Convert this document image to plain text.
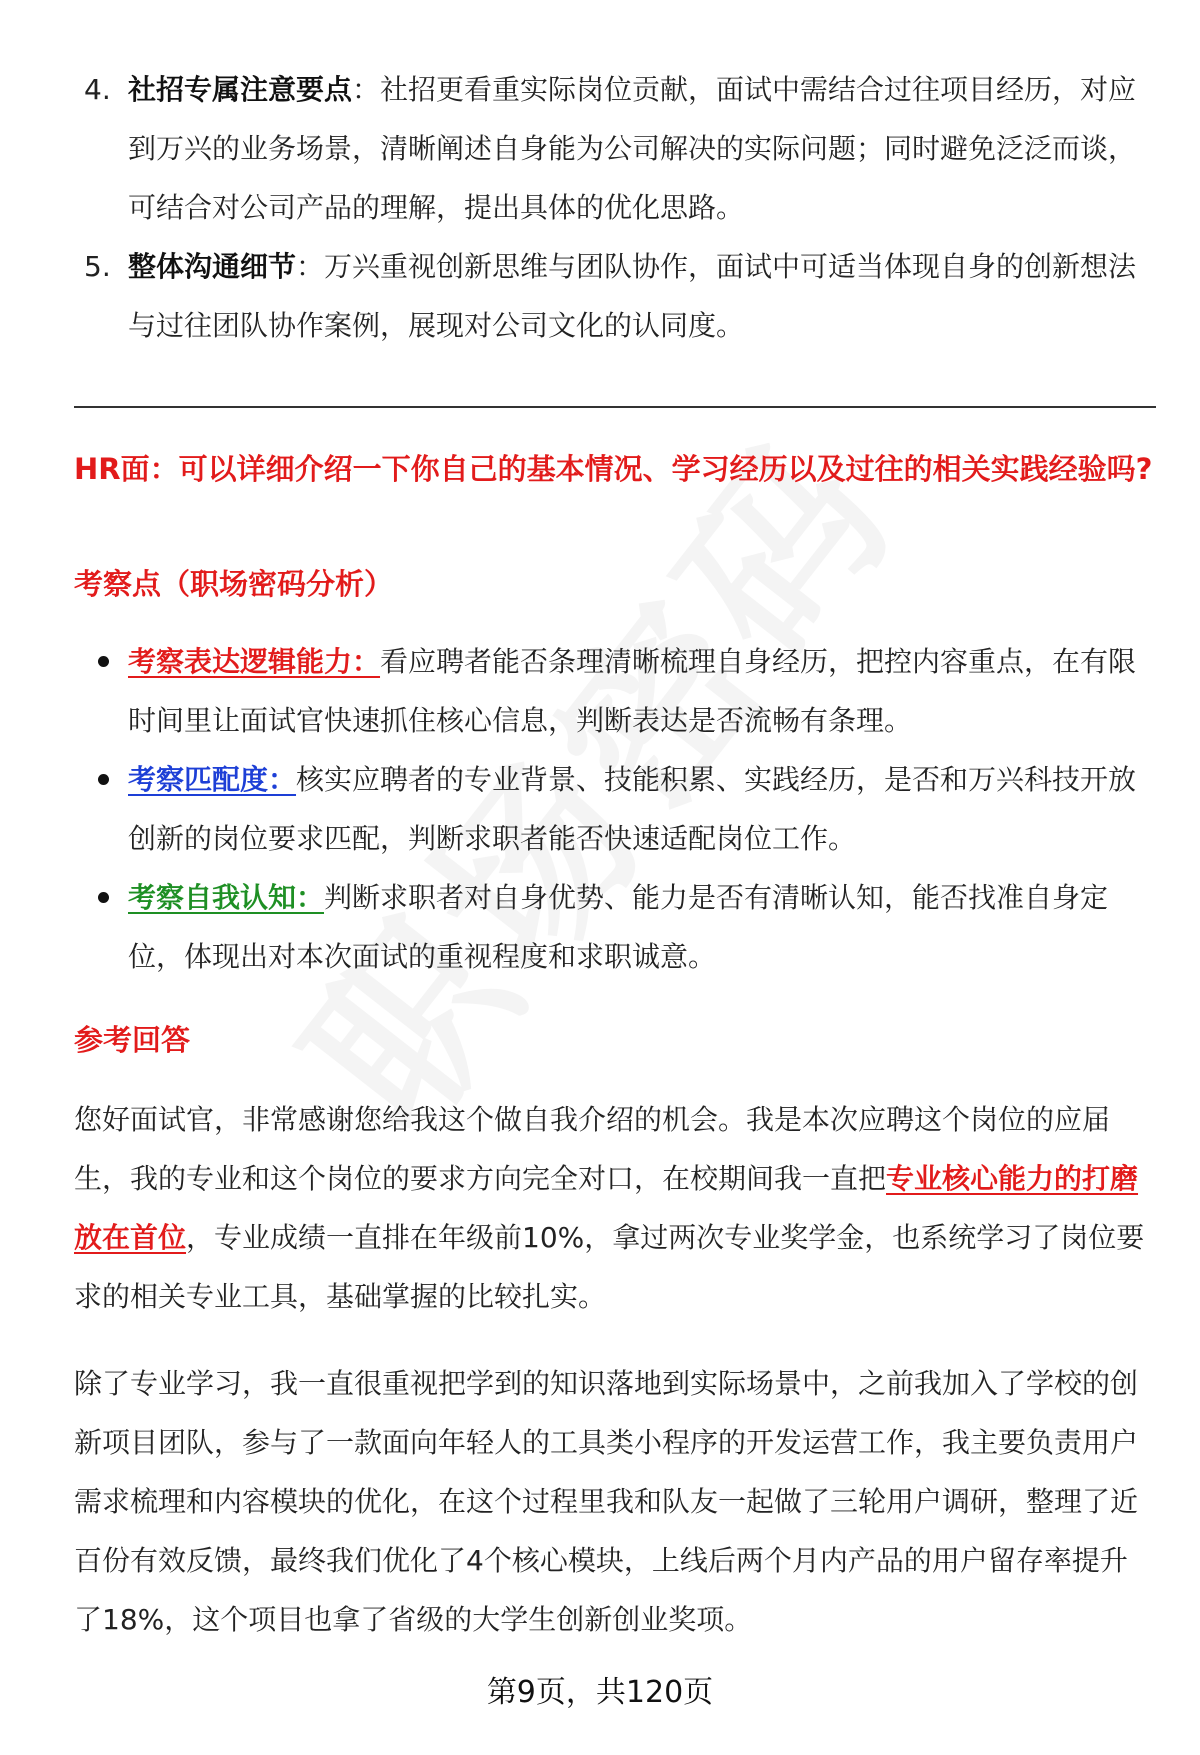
4. 社招专属注意要点：社招更看重实际岗位贡献，面试中需结合过往项目经历，对应到万兴的业务场景，清晰阐述自身能为公司解决的实际问题；同时避免泛泛而谈，可结合对公司产品的理解，提出具体的优化思路。
5. 整体沟通细节：万兴重视创新思维与团队协作，面试中可适当体现自身的创新想法与过往团队协作案例，展现对公司文化的认同度。
HR面：可以详细介绍一下你自己的基本情况、学习经历以及过往的相关实践经验吗?
考察点（职场密码分析）
考察表达逻辑能力：看应聘者能否条理清晰梳理自身经历，把控内容重点，在有限时间里让面试官快速抓住核心信息，判断表达是否流畅有条理。
考察匹配度：核实应聘者的专业背景、技能积累、实践经历，是否和万兴科技开放创新的岗位要求匹配，判断求职者能否快速适配岗位工作。
考察自我认知：判断求职者对自身优势、能力是否有清晰认知，能否找准自身定位，体现出对本次面试的重视程度和求职诚意。
参考回答

您好面试官，非常感谢您给我这个做自我介绍的机会。我是本次应聘这个岗位的应届生，我的专业和这个岗位的要求方向完全对口，在校期间我一直把专业核心能力的打磨放在首位，专业成绩一直排在年级前10%，拿过两次专业奖学金，也系统学习了岗位要求的相关专业工具，基础掌握的比较扎实。

除了专业学习，我一直很重视把学到的知识落地到实际场景中，之前我加入了学校的创新项目团队，参与了一款面向年轻人的工具类小程序的开发运营工作，我主要负责用户需求梳理和内容模块的优化，在这个过程里我和队友一起做了三轮用户调研，整理了近百份有效反馈，最终我们优化了4个核心模块，上线后两个月内产品的用户留存率提升了18%，这个项目也拿了省级的大学生创新创业奖项。

第9页，共120页
